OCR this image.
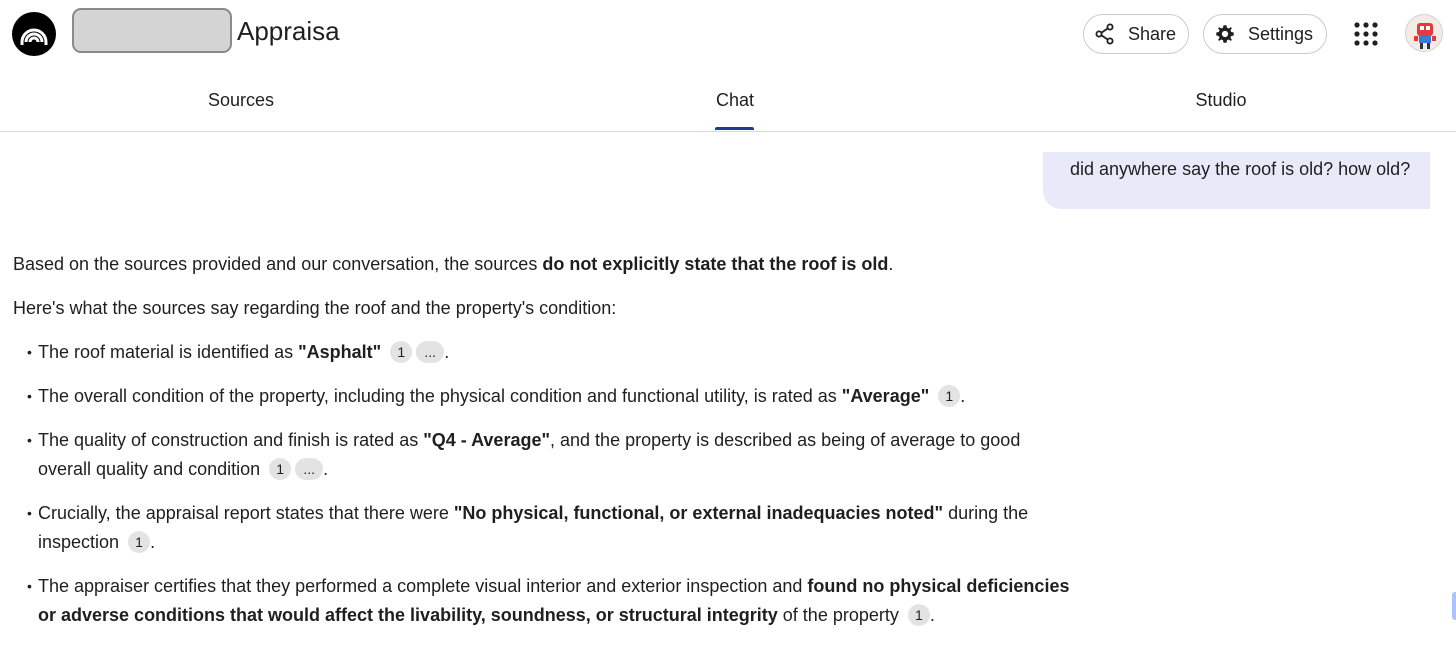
Appraisa	Share	Settings
Sources	Chat	Studio
did anywhere say the roof is old? how old?

Based on the sources provided and our conversation, the sources do not explicitly state that the roof is old.

Here's what the sources say regarding the roof and the property's condition:

• The roof material is identified as "Asphalt" 1 ... .
• The overall condition of the property, including the physical condition and functional utility, is rated as "Average" 1 .
• The quality of construction and finish is rated as "Q4 - Average", and the property is described as being of average to good overall quality and condition 1 ... .
• Crucially, the appraisal report states that there were "No physical, functional, or external inadequacies noted" during the inspection 1 .
• The appraiser certifies that they performed a complete visual interior and exterior inspection and found no physical deficiencies or adverse conditions that would affect the livability, soundness, or structural integrity of the property 1 .
